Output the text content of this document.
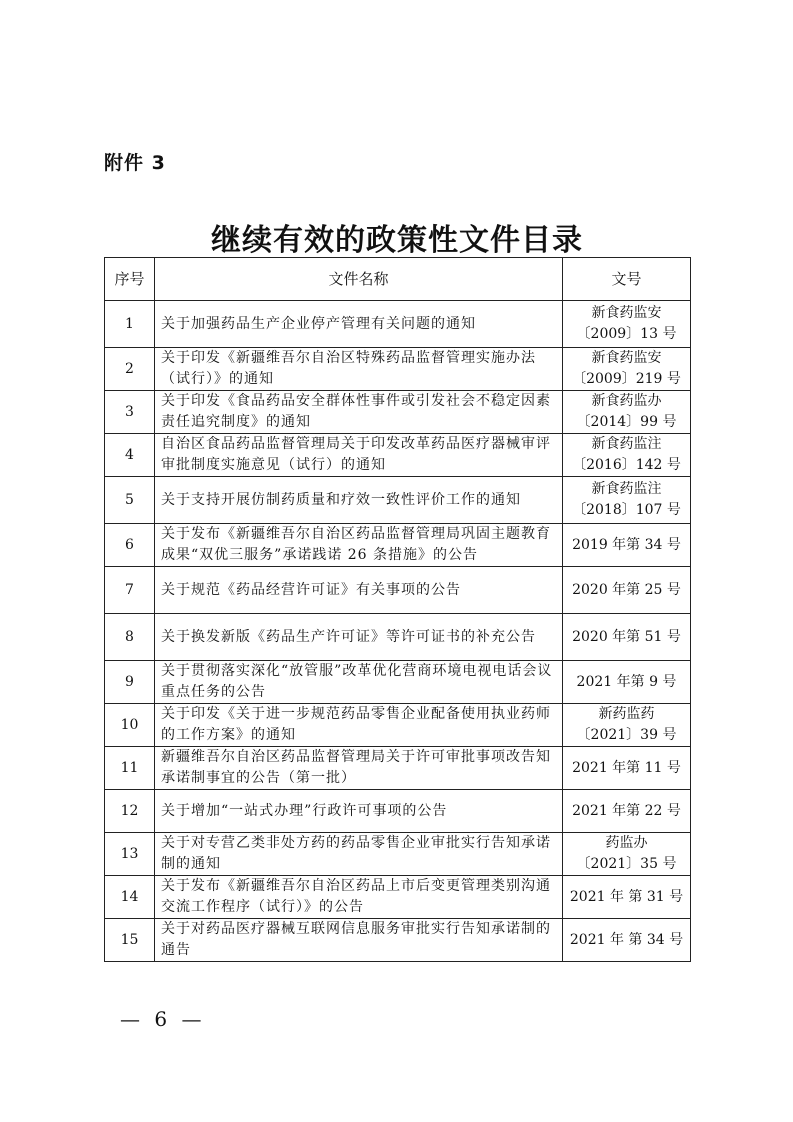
附件 3
继续有效的政策性文件目录
序号	文件名称	文号
1	关于加强药品生产企业停产管理有关问题的通知	新食药监安
〔2009〕13 号

2	关于印发《新疆维吾尔自治区特殊药品监督管理实施办法（试行）》的通知	新食药监安
〔2009〕219 号

3	关于印发《食品药品安全群体性事件或引发社会不稳定因素责任追究制度》的通知	新食药监办
〔2014〕99 号

4	自治区食品药品监督管理局关于印发改革药品医疗器械审评审批制度实施意见（试行）的通知	新食药监注
〔2016〕142 号

5	关于支持开展仿制药质量和疗效一致性评价工作的通知	新食药监注
〔2018〕107 号

6	关于发布《新疆维吾尔自治区药品监督管理局巩固主题教育成果“双优三服务”承诺践诺 26 条措施》的公告	2019 年第 34 号

7	关于规范《药品经营许可证》有关事项的公告	2020 年第 25 号

8	关于换发新版《药品生产许可证》等许可证书的补充公告	2020 年第 51 号

9	关于贯彻落实深化“放管服”改革优化营商环境电视电话会议重点任务的公告	2021 年第 9 号

10	关于印发《关于进一步规范药品零售企业配备使用执业药师的工作方案》的通知	新药监药
〔2021〕39 号

11	新疆维吾尔自治区药品监督管理局关于许可审批事项改告知承诺制事宜的公告（第一批）	2021 年第 11 号

12	关于增加“一站式办理”行政许可事项的公告	2021 年第 22 号

13	关于对专营乙类非处方药的药品零售企业审批实行告知承诺制的通知	药监办
〔2021〕35 号

14	关于发布《新疆维吾尔自治区药品上市后变更管理类别沟通交流工作程序（试行）》的公告	2021 年 第 31 号

15	关于对药品医疗器械互联网信息服务审批实行告知承诺制的通告	2021 年 第 34 号
— 6 —
